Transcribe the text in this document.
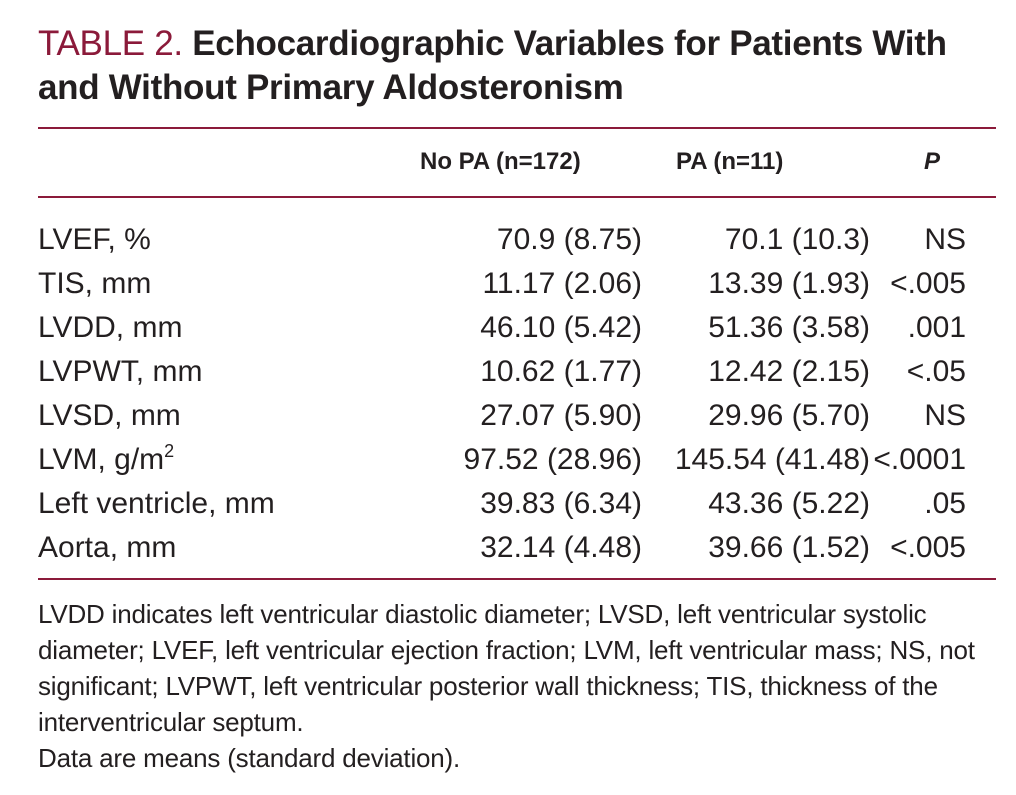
TABLE 2. Echocardiographic Variables for Patients With and Without Primary Aldosteronism
No PA (n=172)	PA (n=11)	P
LVEF, %	70.9 (8.75)	70.1 (10.3) NS
TIS, mm	11.17 (2.06) 13.39 (1.93) <.005
LVDD, mm	46.10 (5.42) 51.36 (3.58) .001
LVPWT, mm	10.62 (1.77) 12.42 (2.15) <.05
LVSD, mm	27.07 (5.90) 29.96 (5.70) NS
LVM, $g/m^2$	97.52 (28.96) 145.54 (41.48) <.0001
Left ventricle, mm	39.83 (6.34) 43.36 (5.22) .05
Aorta, mm	32.14 (4.48) 39.66 (1.52) <.005

LVDD indicates left ventricular diastolic diameter; LVSD, left ventricular systolic diameter; LVEF, left ventricular ejection fraction; LVM, left ventricular mass; NS, not significant; LVPWT, left ventricular posterior wall thickness; TIS, thickness of the interventricular septum.

Data are means (standard deviation).
